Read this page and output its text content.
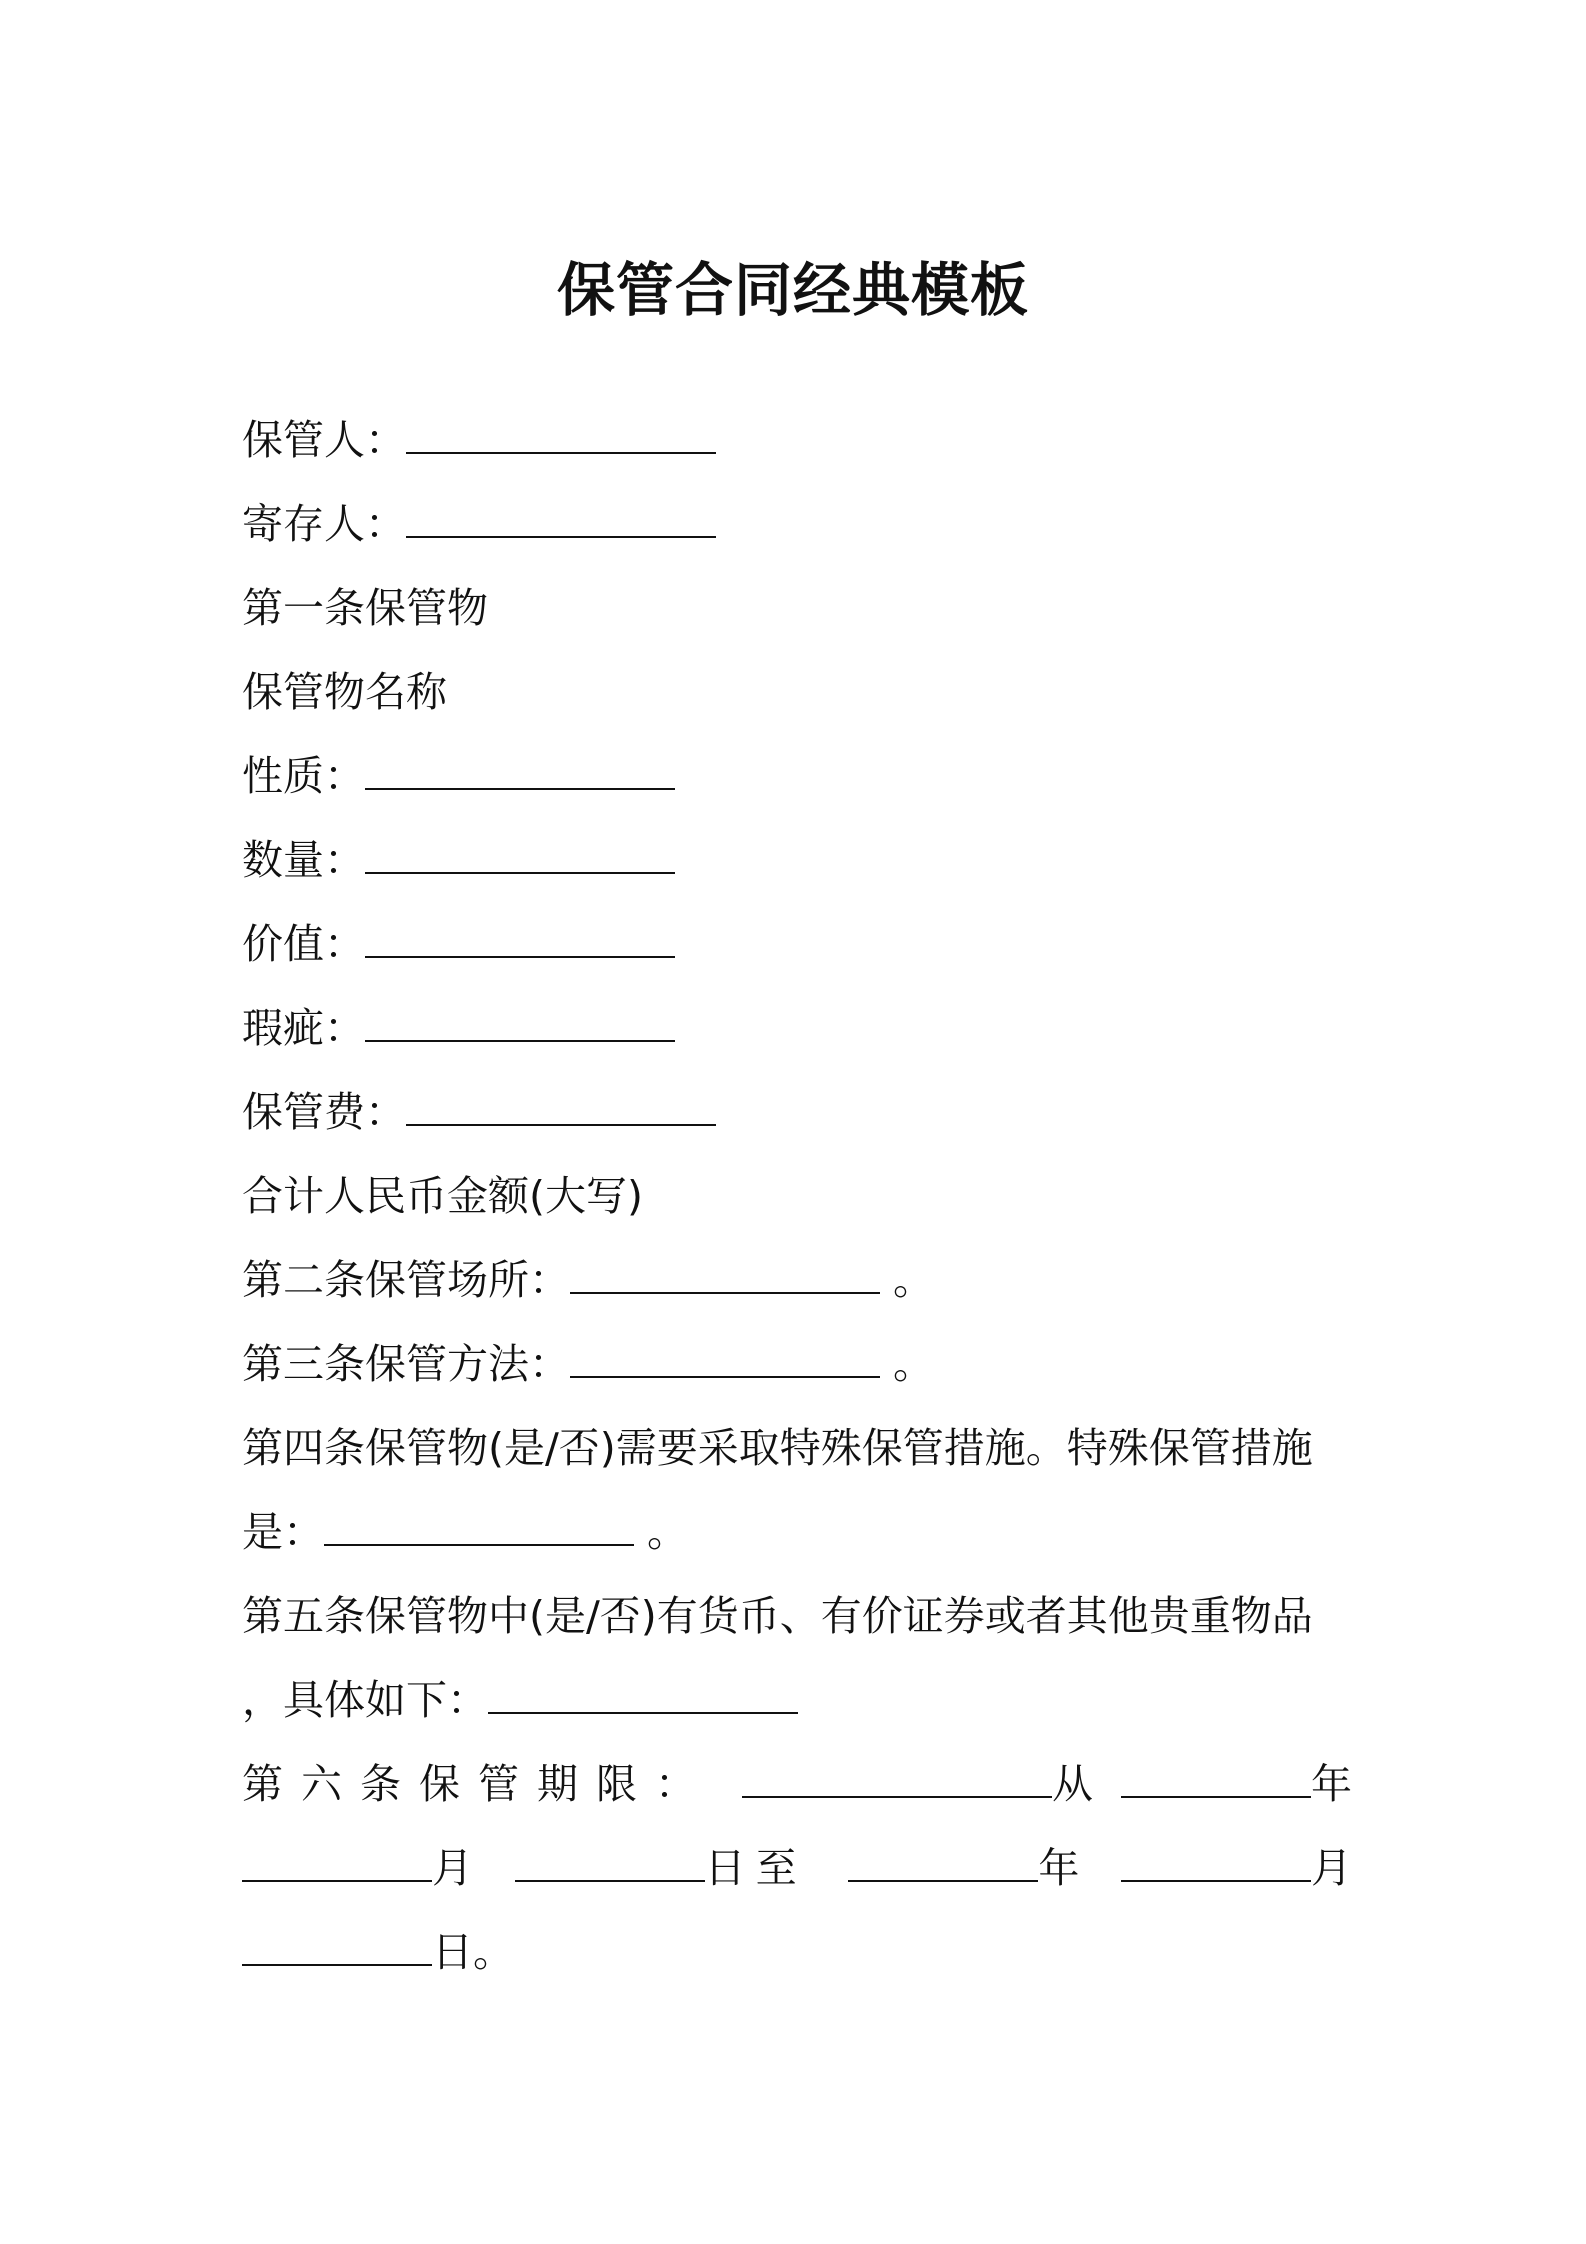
保管合同经典模板
保管人：
寄存人：
第一条保管物
保管物名称
性质：
数量：
价值：
瑕疵：
保管费：
合计人民币金额(大写)
第二条保管场所：	。
第三条保管方法：	。
第四条保管物(是/否)需要采取特殊保管措施。特殊保管措施
是：	。
第五条保管物中(是/否)有货币、有价证券或者其他贵重物品
，具体如下：
第六条保管期限：	从	年
月	日至	年	月
日。
